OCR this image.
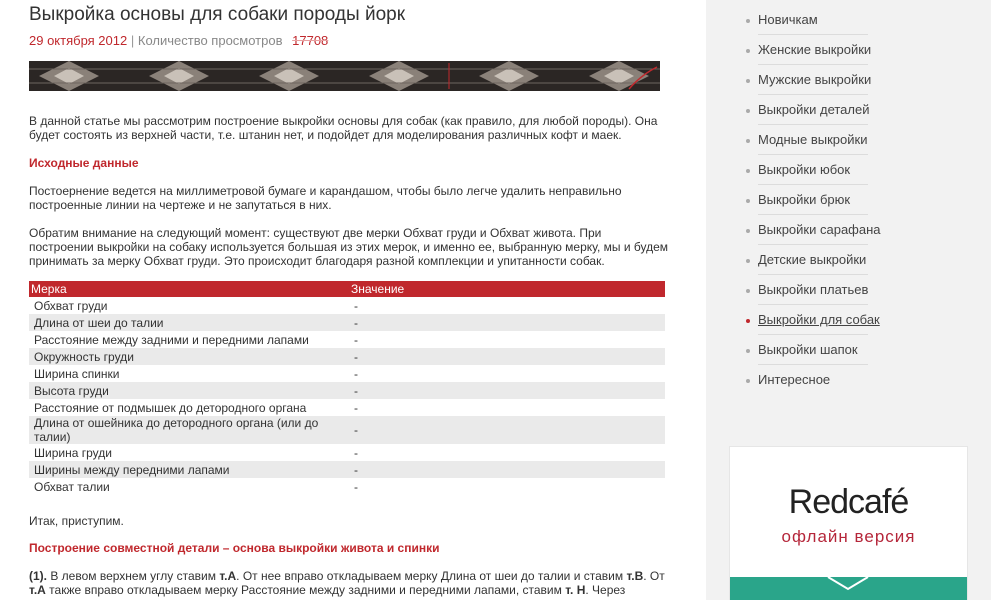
Выкройка основы для собаки породы йорк
29 октября 2012 | Количество просмотров 17708
В данной статье мы рассмотрим построение выкройки основы для собак (как правило, для любой породы). Она будет состоять из верхней части, т.е. штанин нет, и подойдет для моделирования различных кофт и маек.
Исходные данные
Постоернение ведется на миллиметровой бумаге и карандашом, чтобы было легче удалить неправильно построенные линии на чертеже и не запутаться в них.
Обратим внимание на следующий момент: существуют две мерки Обхват груди и Обхват живота. При построении выкройки на собаку используется большая из этих мерок, и именно ее, выбранную мерку, мы и будем принимать за мерку Обхват груди. Это происходит благодаря разной комплекции и упитанности собак.
Мерка	Значение
Обхват груди	-
Длина от шеи до талии	-
Расстояние между задними и передними лапами	-
Окружность груди	-
Ширина спинки	-
Высота груди	-
Расстояние от подмышек до детородного органа	-
Длина от ошейника до детородного органа (или до талии)	-
Ширина груди	-
Ширины между передними лапами	-
Обхват талии	-
Итак, приступим.
Построение совместной детали – основа выкройки живота и спинки
(1). В левом верхнем углу ставим т.А. От нее вправо откладываем мерку Длина от шеи до талии и ставим т.В. От т.А также вправо откладываем мерку Расстояние между задними и передними лапами, ставим т. Н. Через
Новичкам
Женские выкройки
Мужские выкройки
Выкройки деталей
Модные выкройки
Выкройки юбок
Выкройки брюк
Выкройки сарафана
Детские выкройки
Выкройки платьев
Выкройки для собак
Выкройки шапок
Интересное
Redcafé
офлайн версия
